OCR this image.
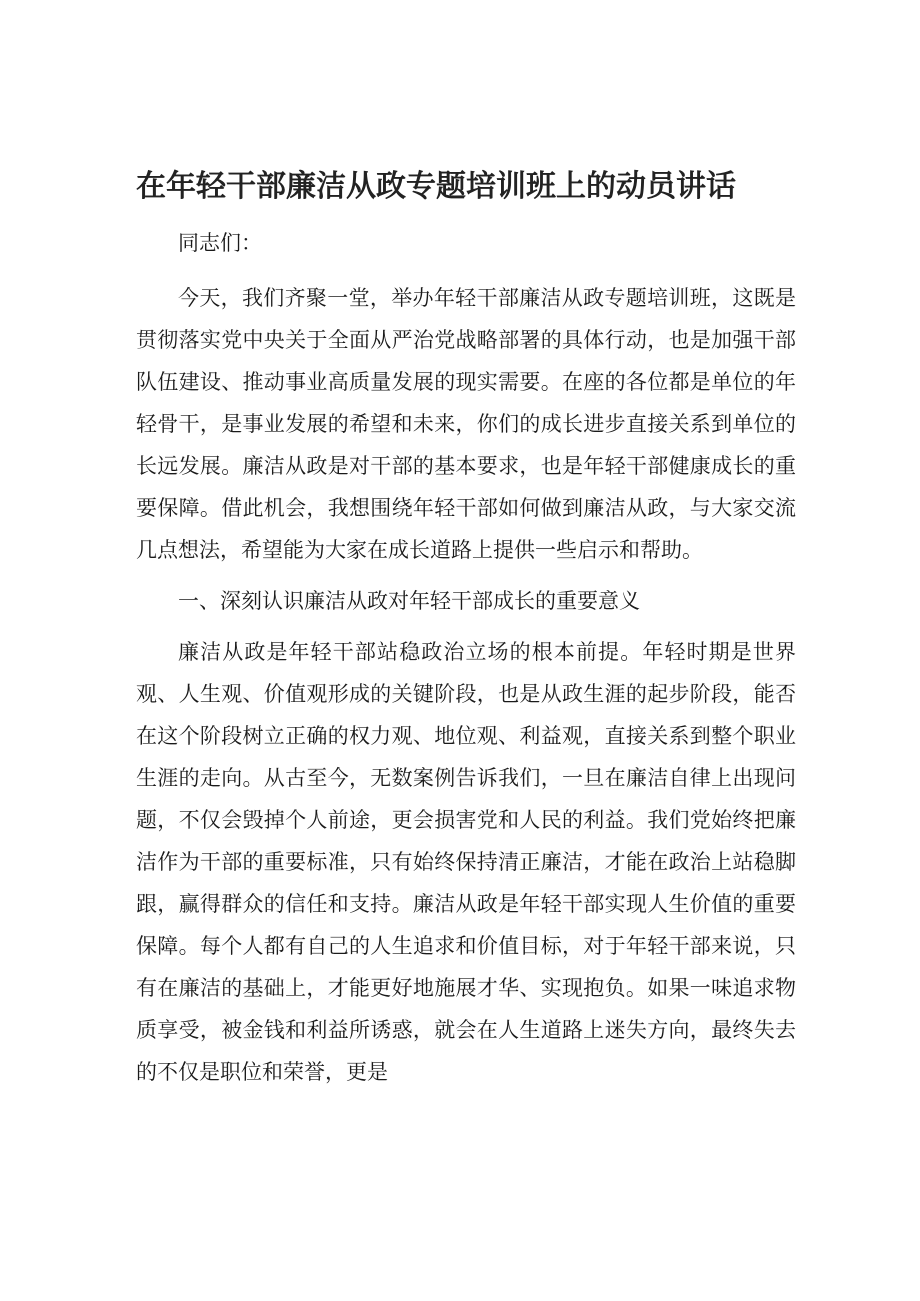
在年轻干部廉洁从政专题培训班上的动员讲话

同志们：

今天，我们齐聚一堂，举办年轻干部廉洁从政专题培训班，这既是贯彻落实党中央关于全面从严治党战略部署的具体行动，也是加强干部队伍建设、推动事业高质量发展的现实需要。在座的各位都是单位的年轻骨干，是事业发展的希望和未来，你们的成长进步直接关系到单位的长远发展。廉洁从政是对干部的基本要求，也是年轻干部健康成长的重要保障。借此机会，我想围绕年轻干部如何做到廉洁从政，与大家交流几点想法，希望能为大家在成长道路上提供一些启示和帮助。

一、深刻认识廉洁从政对年轻干部成长的重要意义

廉洁从政是年轻干部站稳政治立场的根本前提。年轻时期是世界观、人生观、价值观形成的关键阶段，也是从政生涯的起步阶段，能否在这个阶段树立正确的权力观、地位观、利益观，直接关系到整个职业生涯的走向。从古至今，无数案例告诉我们，一旦在廉洁自律上出现问题，不仅会毁掉个人前途，更会损害党和人民的利益。我们党始终把廉洁作为干部的重要标准，只有始终保持清正廉洁，才能在政治上站稳脚跟，赢得群众的信任和支持。廉洁从政是年轻干部实现人生价值的重要保障。每个人都有自己的人生追求和价值目标，对于年轻干部来说，只有在廉洁的基础上，才能更好地施展才华、实现抱负。如果一味追求物质享受，被金钱和利益所诱惑，就会在人生道路上迷失方向，最终失去的不仅是职位和荣誉，更是
